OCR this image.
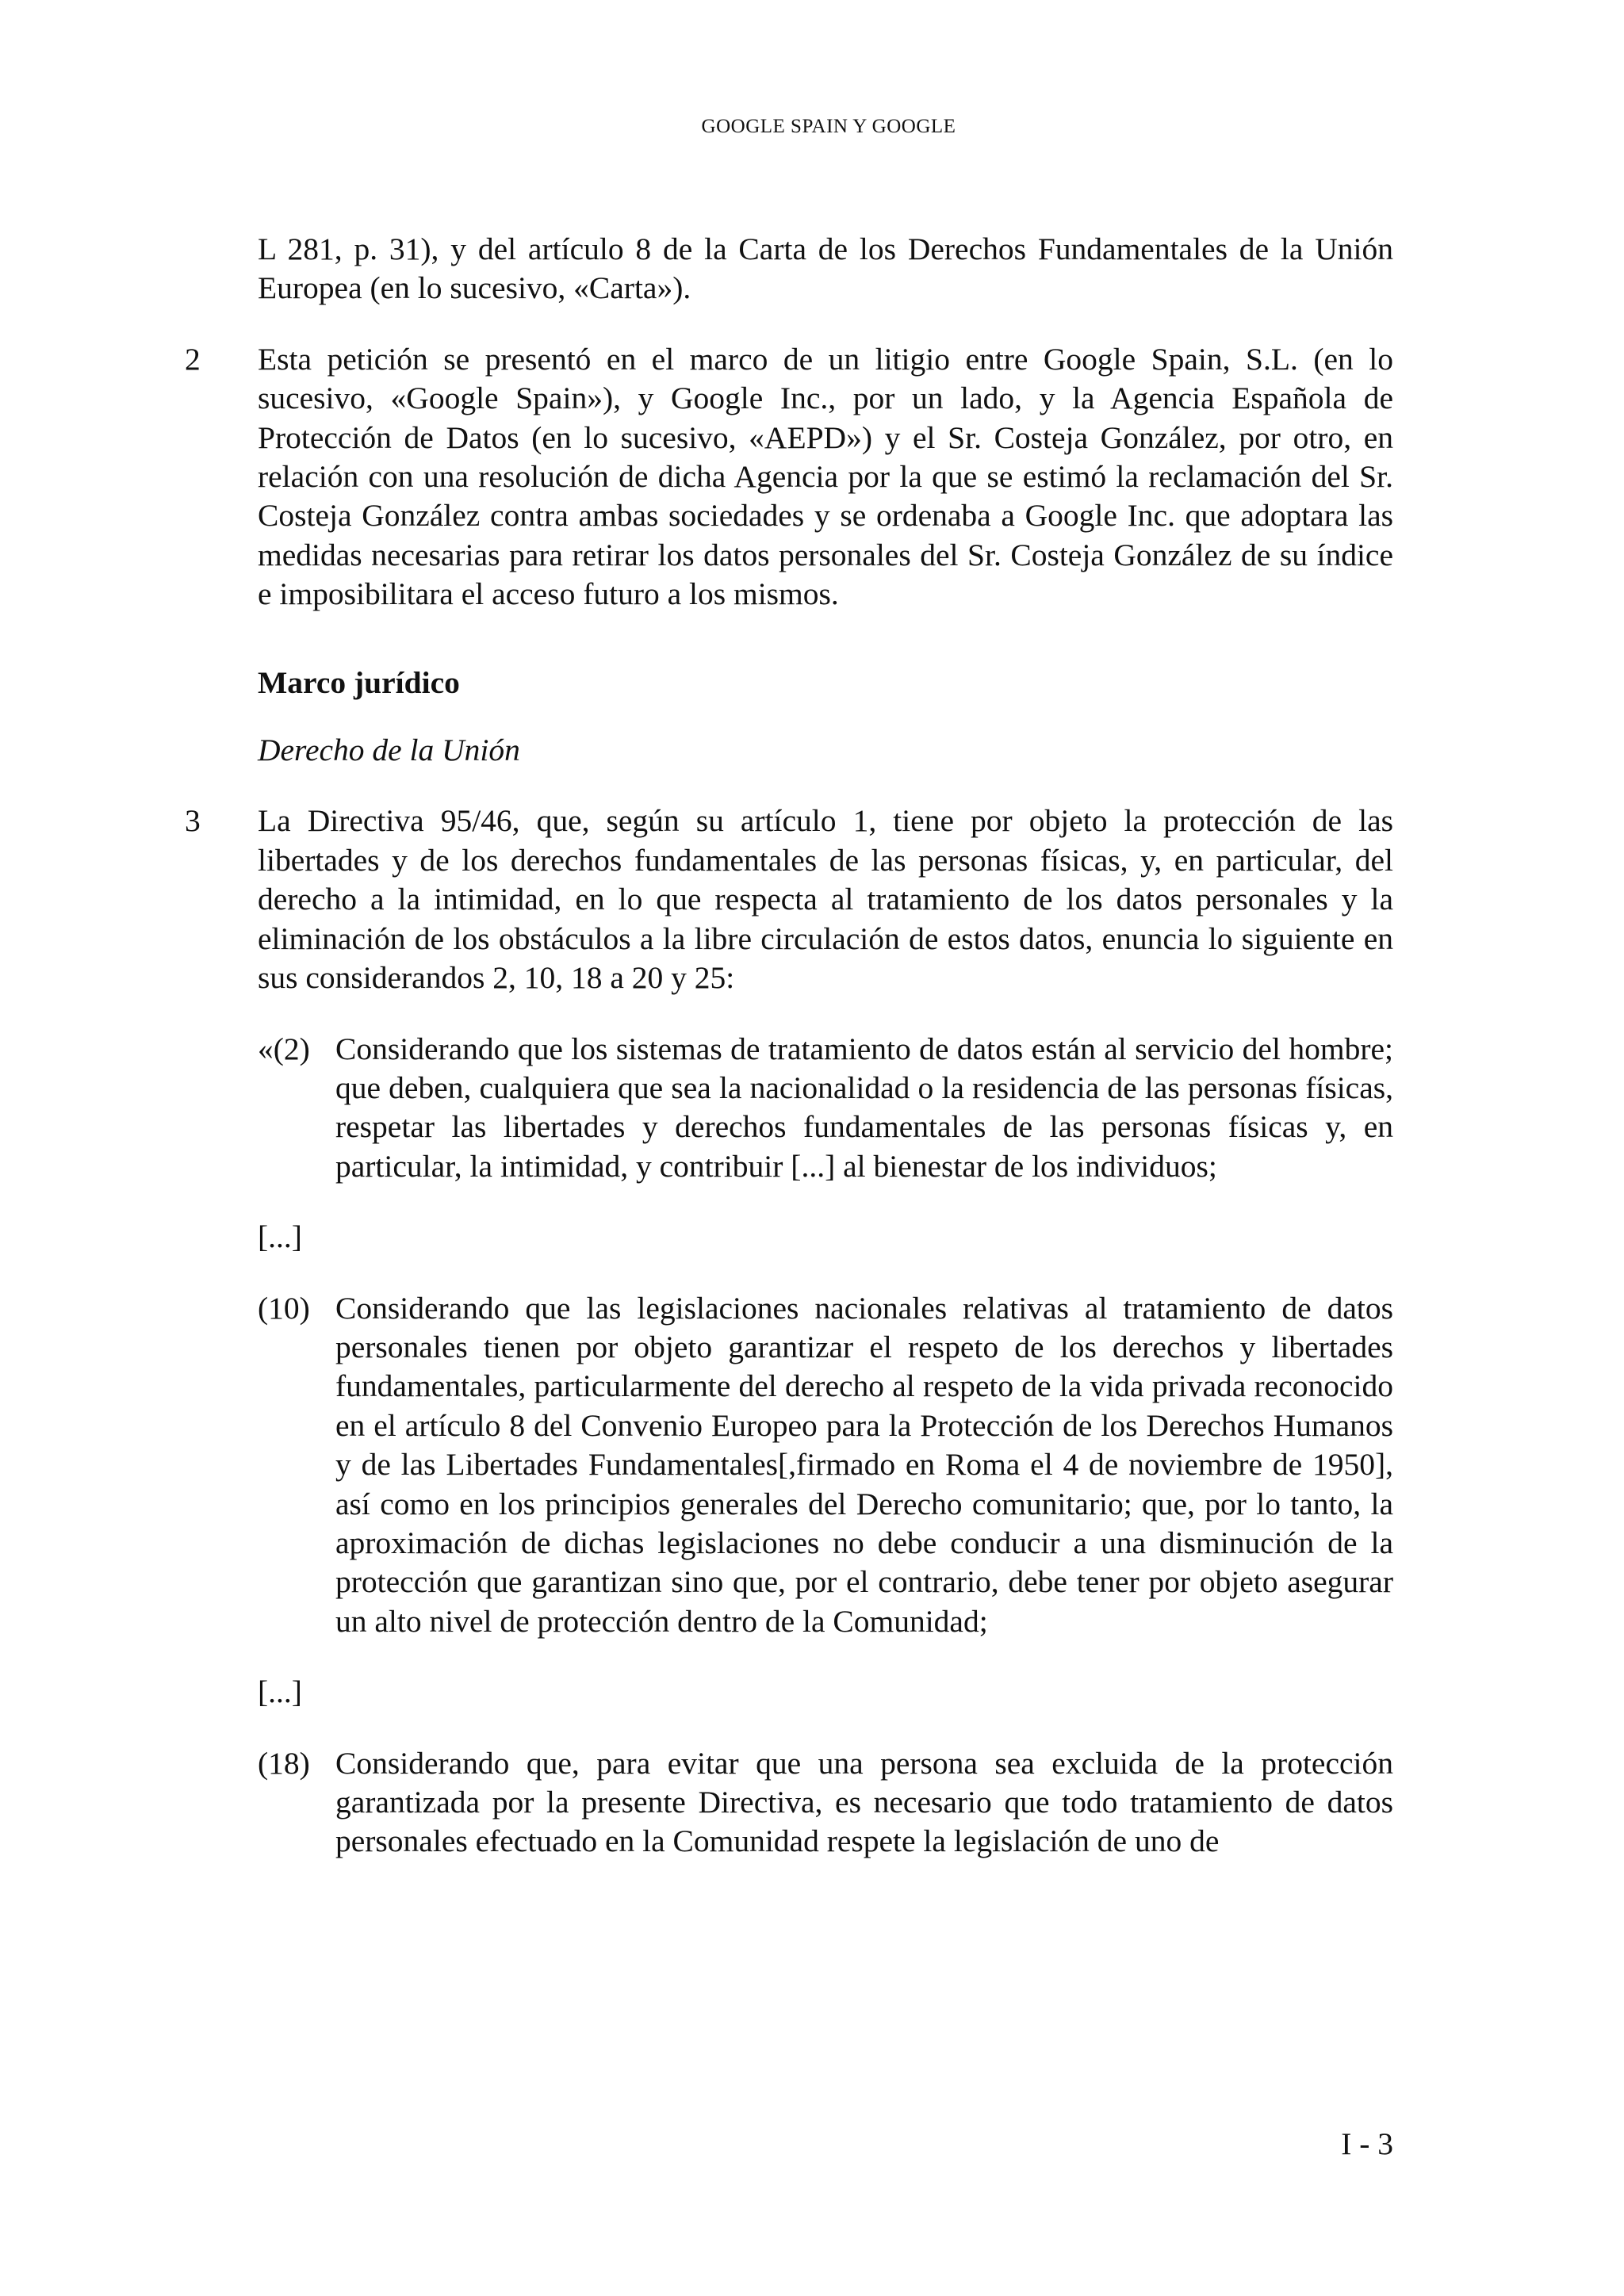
GOOGLE SPAIN Y GOOGLE

L 281, p. 31), y del artículo 8 de la Carta de los Derechos Fundamentales de la Unión Europea (en lo sucesivo, «Carta»).

2	Esta petición se presentó en el marco de un litigio entre Google Spain, S.L. (en lo sucesivo, «Google Spain»), y Google Inc., por un lado, y la Agencia Española de Protección de Datos (en lo sucesivo, «AEPD») y el Sr. Costeja González, por otro, en relación con una resolución de dicha Agencia por la que se estimó la reclamación del Sr. Costeja González contra ambas sociedades y se ordenaba a Google Inc. que adoptara las medidas necesarias para retirar los datos personales del Sr. Costeja González de su índice e imposibilitara el acceso futuro a los mismos.

Marco jurídico

Derecho de la Unión

3	La Directiva 95/46, que, según su artículo 1, tiene por objeto la protección de las libertades y de los derechos fundamentales de las personas físicas, y, en particular, del derecho a la intimidad, en lo que respecta al tratamiento de los datos personales y la eliminación de los obstáculos a la libre circulación de estos datos, enuncia lo siguiente en sus considerandos 2, 10, 18 a 20 y 25:
«(2) Considerando que los sistemas de tratamiento de datos están al servicio del hombre; que deben, cualquiera que sea la nacionalidad o la residencia de las personas físicas, respetar las libertades y derechos fundamentales de las personas físicas y, en particular, la intimidad, y contribuir [...] al bienestar de los individuos;

[...]

(10) Considerando que las legislaciones nacionales relativas al tratamiento de datos personales tienen por objeto garantizar el respeto de los derechos y libertades fundamentales, particularmente del derecho al respeto de la vida privada reconocido en el artículo 8 del Convenio Europeo para la Protección de los Derechos Humanos y de las Libertades Fundamentales[,firmado en Roma el 4 de noviembre de 1950], así como en los principios generales del Derecho comunitario; que, por lo tanto, la aproximación de dichas legislaciones no debe conducir a una disminución de la protección que garantizan sino que, por el contrario, debe tener por objeto asegurar un alto nivel de protección dentro de la Comunidad;

[...]

(18) Considerando que, para evitar que una persona sea excluida de la protección garantizada por la presente Directiva, es necesario que todo tratamiento de datos personales efectuado en la Comunidad respete la legislación de uno de
I - 3
